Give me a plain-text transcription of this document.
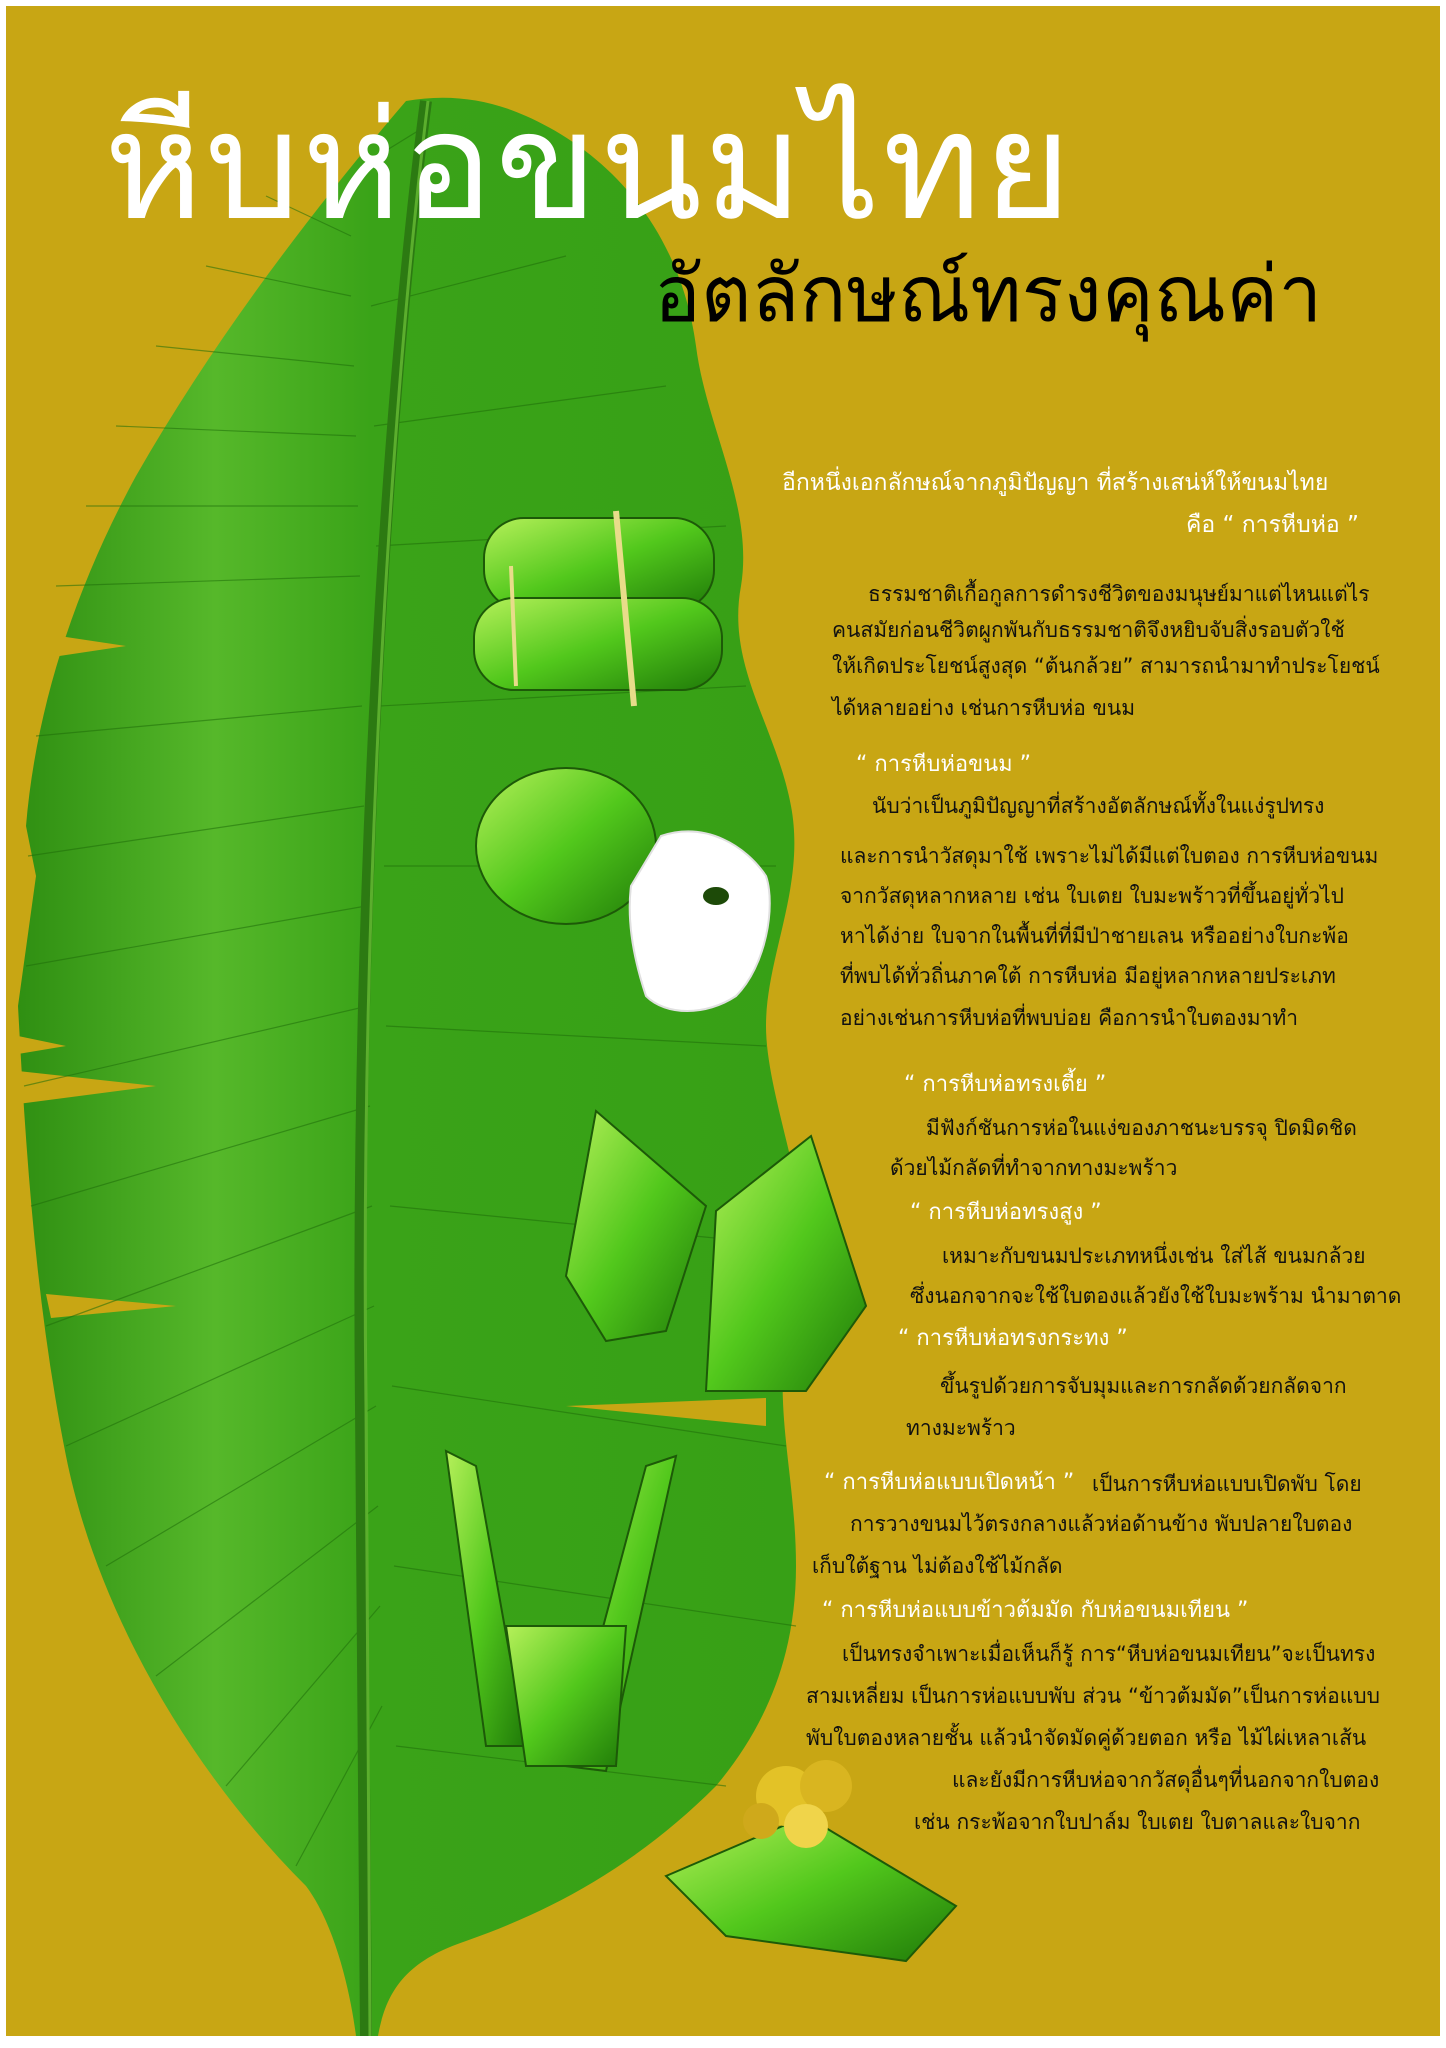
หีบห่อขนมไทย
อัตลักษณ์ทรงคุณค่า
อีกหนึ่งเอกลักษณ์จากภูมิปัญญา ที่สร้างเสน่ห์ให้ขนมไทย
คือ “ การหีบห่อ ”
ธรรมชาติเกื้อกูลการดำรงชีวิตของมนุษย์มาแต่ไหนแต่ไร
คนสมัยก่อนชีวิตผูกพันกับธรรมชาติจึงหยิบจับสิ่งรอบตัวใช้
ให้เกิดประโยชน์สูงสุด “ต้นกล้วย” สามารถนำมาทำประโยชน์
ได้หลายอย่าง เช่นการหีบห่อ ขนม
“ การหีบห่อขนม ”
นับว่าเป็นภูมิปัญญาที่สร้างอัตลักษณ์ทั้งในแง่รูปทรง
และการนำวัสดุมาใช้ เพราะไม่ได้มีแต่ใบตอง การหีบห่อขนม
จากวัสดุหลากหลาย เช่น ใบเตย ใบมะพร้าวที่ขึ้นอยู่ทั่วไป
หาได้ง่าย ใบจากในพื้นที่ที่มีป่าชายเลน หรืออย่างใบกะพ้อ
ที่พบได้ทั่วถิ่นภาคใต้ การหีบห่อ มีอยู่หลากหลายประเภท
อย่างเช่นการหีบห่อที่พบบ่อย คือการนำใบตองมาทำ
“ การหีบห่อทรงเตี้ย ”
มีฟังก์ชันการห่อในแง่ของภาชนะบรรจุ ปิดมิดชิด
ด้วยไม้กลัดที่ทำจากทางมะพร้าว
“ การหีบห่อทรงสูง ”
เหมาะกับขนมประเภทหนึ่งเช่น ใส่ไส้ ขนมกล้วย
ซึ่งนอกจากจะใช้ใบตองแล้วยังใช้ใบมะพร้าม นำมาตาด
“ การหีบห่อทรงกระทง ”
ขึ้นรูปด้วยการจับมุมและการกลัดด้วยกลัดจาก
ทางมะพร้าว
“ การหีบห่อแบบเปิดหน้า ” เป็นการหีบห่อแบบเปิดพับ โดย
การวางขนมไว้ตรงกลางแล้วห่อด้านข้าง พับปลายใบตอง
เก็บใต้ฐาน ไม่ต้องใช้ไม้กลัด
“ การหีบห่อแบบข้าวต้มมัด กับห่อขนมเทียน ”
เป็นทรงจำเพาะเมื่อเห็นก็รู้ การ“หีบห่อขนมเทียน”จะเป็นทรง
สามเหลี่ยม เป็นการห่อแบบพับ ส่วน “ข้าวต้มมัด”เป็นการห่อแบบ
พับใบตองหลายชั้น แล้วนำจัดมัดคู่ด้วยตอก หรือ ไม้ไผ่เหลาเส้น
และยังมีการหีบห่อจากวัสดุอื่นๆที่นอกจากใบตอง
เช่น กระพ้อจากใบปาล์ม ใบเตย ใบตาลและใบจาก
